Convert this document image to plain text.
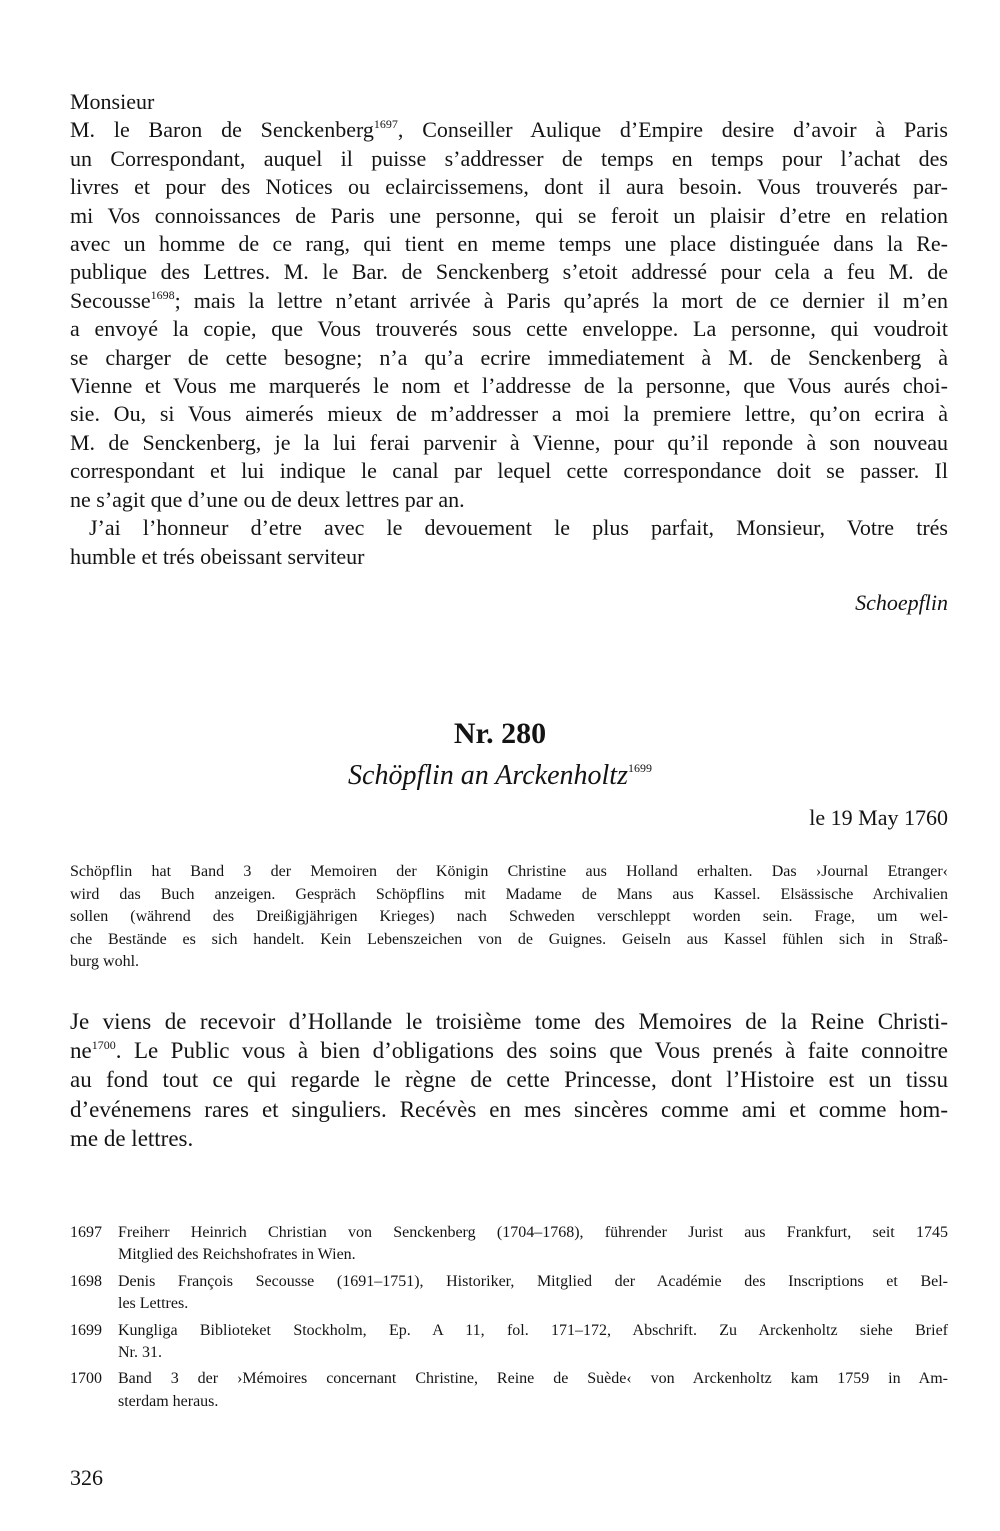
Monsieur
M. le Baron de Senckenberg$^{1697}$, Conseiller Aulique d’Empire desire d’avoir à Paris
un Correspondant, auquel il puisse s’addresser de temps en temps pour l’achat des
livres et pour des Notices ou eclaircissemens, dont il aura besoin. Vous trouverés par-
mi Vos connoissances de Paris une personne, qui se feroit un plaisir d’etre en relation
avec un homme de ce rang, qui tient en meme temps une place distinguée dans la Re-
publique des Lettres. M. le Bar. de Senckenberg s’etoit addressé pour cela a feu M. de
Secousse$^{1698}$; mais la lettre n’etant arrivée à Paris qu’aprés la mort de ce dernier il m’en
a envoyé la copie, que Vous trouverés sous cette enveloppe. La personne, qui voudroit
se charger de cette besogne; n’a qu’a ecrire immediatement à M. de Senckenberg à
Vienne et Vous me marquerés le nom et l’addresse de la personne, que Vous aurés choi-
sie. Ou, si Vous aimerés mieux de m’addresser a moi la premiere lettre, qu’on ecrira à
M. de Senckenberg, je la lui ferai parvenir à Vienne, pour qu’il reponde à son nouveau
correspondant et lui indique le canal par lequel cette correspondance doit se passer. Il
ne s’agit que d’une ou de deux lettres par an.
J’ai l’honneur d’etre avec le devouement le plus parfait, Monsieur, Votre trés
humble et trés obeissant serviteur
Schoepflin
Nr. 280
Schöpflin an Arckenholtz$^{1699}$
le 19 May 1760
Schöpflin hat Band 3 der Memoiren der Königin Christine aus Holland erhalten. Das ›Journal Etranger‹
wird das Buch anzeigen. Gespräch Schöpflins mit Madame de Mans aus Kassel. Elsässische Archivalien
sollen (während des Dreißigjährigen Krieges) nach Schweden verschleppt worden sein. Frage, um wel-
che Bestände es sich handelt. Kein Lebenszeichen von de Guignes. Geiseln aus Kassel fühlen sich in Straß-
burg wohl.
Je viens de recevoir d’Hollande le troisième tome des Memoires de la Reine Christi-
$ne^{1700}$. Le Public vous à bien d’obligations des soins que Vous prenés à faite connoitre
au fond tout ce qui regarde le règne de cette Princesse, dont l’Histoire est un tissu
d’evénemens rares et singuliers. Recévès en mes sincères comme ami et comme hom-
me de lettres.
1697 Freiherr Heinrich Christian von Senckenberg (1704–1768), führender Jurist aus Frankfurt, seit 1745
Mitglied des Reichshofrates in Wien.
1698 Denis François Secousse (1691–1751), Historiker, Mitglied der Académie des Inscriptions et Bel-
les Lettres.
1699 Kungliga Biblioteket Stockholm, Ep. A 11, fol. 171–172, Abschrift. Zu Arckenholtz siehe Brief
Nr. 31.
1700 Band 3 der ›Mémoires concernant Christine, Reine de Suède‹ von Arckenholtz kam 1759 in Am-
sterdam heraus.
326
